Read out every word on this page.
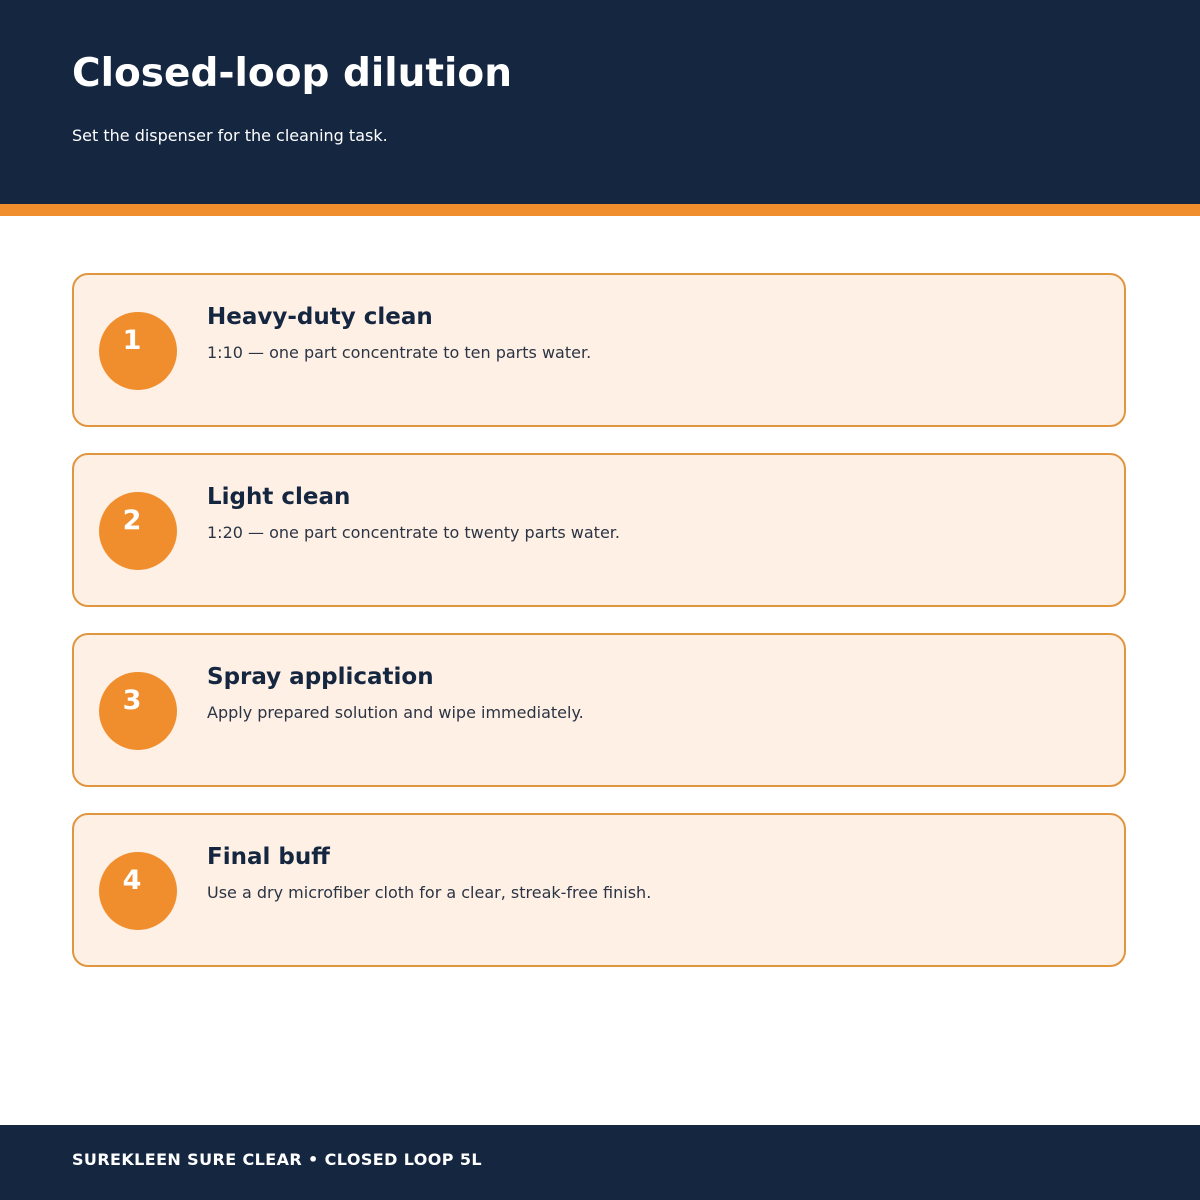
Closed-loop dilution

Set the dispenser for the cleaning task.

1
Heavy-duty clean

1:10 — one part concentrate to ten parts water.

2
Light clean

1:20 — one part concentrate to twenty parts water.

3
Spray application

Apply prepared solution and wipe immediately.

4
Final buff

Use a dry microfiber cloth for a clear, streak-free finish.

SUREKLEEN SURE CLEAR • CLOSED LOOP 5L
